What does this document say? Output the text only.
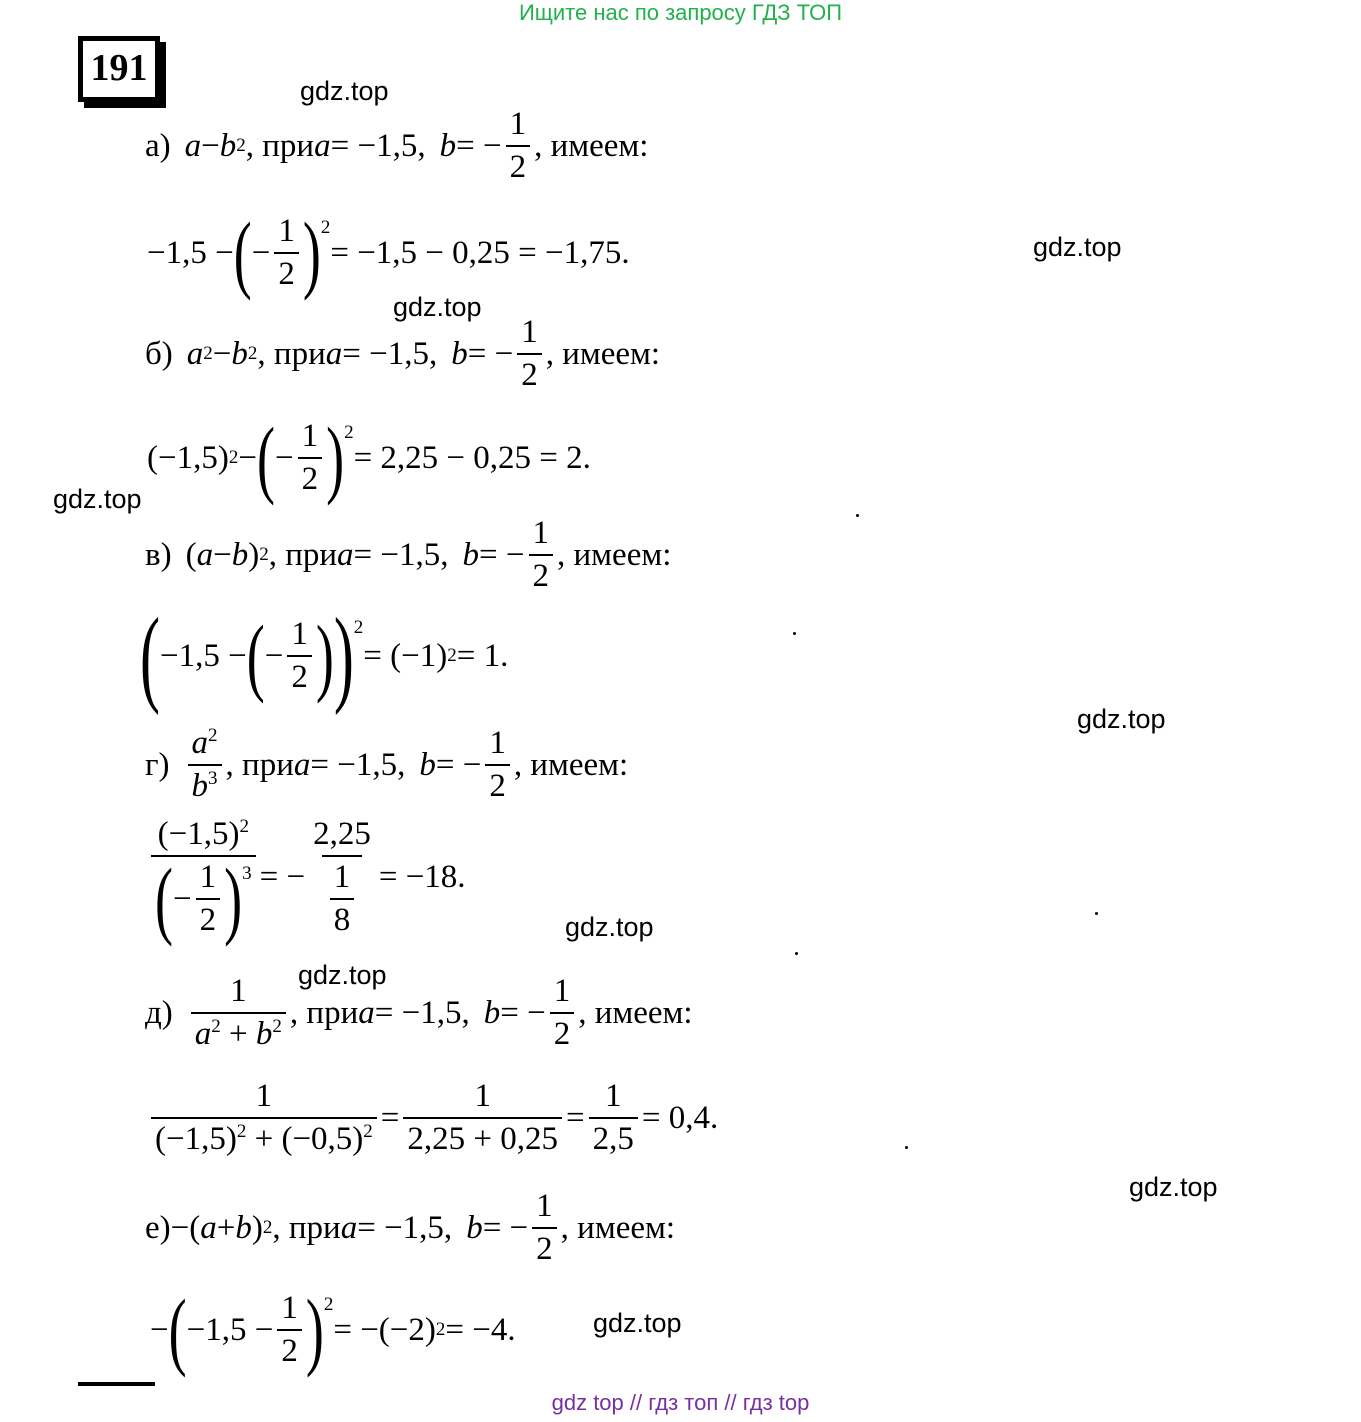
Ищите нас по запросу ГДЗ ТОП
191
gdz.top
gdz.top
gdz.top
gdz.top
gdz.top
gdz.top
gdz.top
gdz.top
gdz.top
а) a − b 2 , при a = −1,5, b = − $\frac{1}{2}$ , имеем:
−1,5 − ( − $\frac{1}{2}$ ) 2
= −1,5 − 0,25 = −1,75.
б) a 2 − b 2 , при a = −1,5, b = − $\frac{1}{2}$ , имеем:
(−1,5) 2 − ( − $\frac{1}{2}$ ) 2
= 2,25 − 0,25 = 2.
в) ( a − b ) 2 , при a = −1,5, b = − $\frac{1}{2}$ , имеем:
( −1,5 − ( − $\frac{1}{2}$ ) ) 2
= (−1) 2 = 1.
$г) \frac{a^2}{b^3}$ , при a = −1,5, b = − $\frac{1}{2}$ , имеем:
$\frac{(-1,5)^2}{( - \frac{1}{2} ) 3}$ = − $\frac{2,25}{\frac{1}{8}} = -18$.
$д) \frac{1}{a^2 + b^2}$ , при a = −1,5, b = − $\frac{1}{2}$ , имеем:
$\frac{1}{(-1,5)^2 + (-0,5)^2} = \frac{1}{2,25 + 0,25} = \frac{1}{2,5} = 0,4$.
е) −( a + b ) 2 , при a = −1,5, b = − $\frac{1}{2}$ , имеем:
− ( $-1,5 - \frac{1}{2}$ ) 2
= −(−2) 2 = −4.
gdz top // гдз топ // гдз top
